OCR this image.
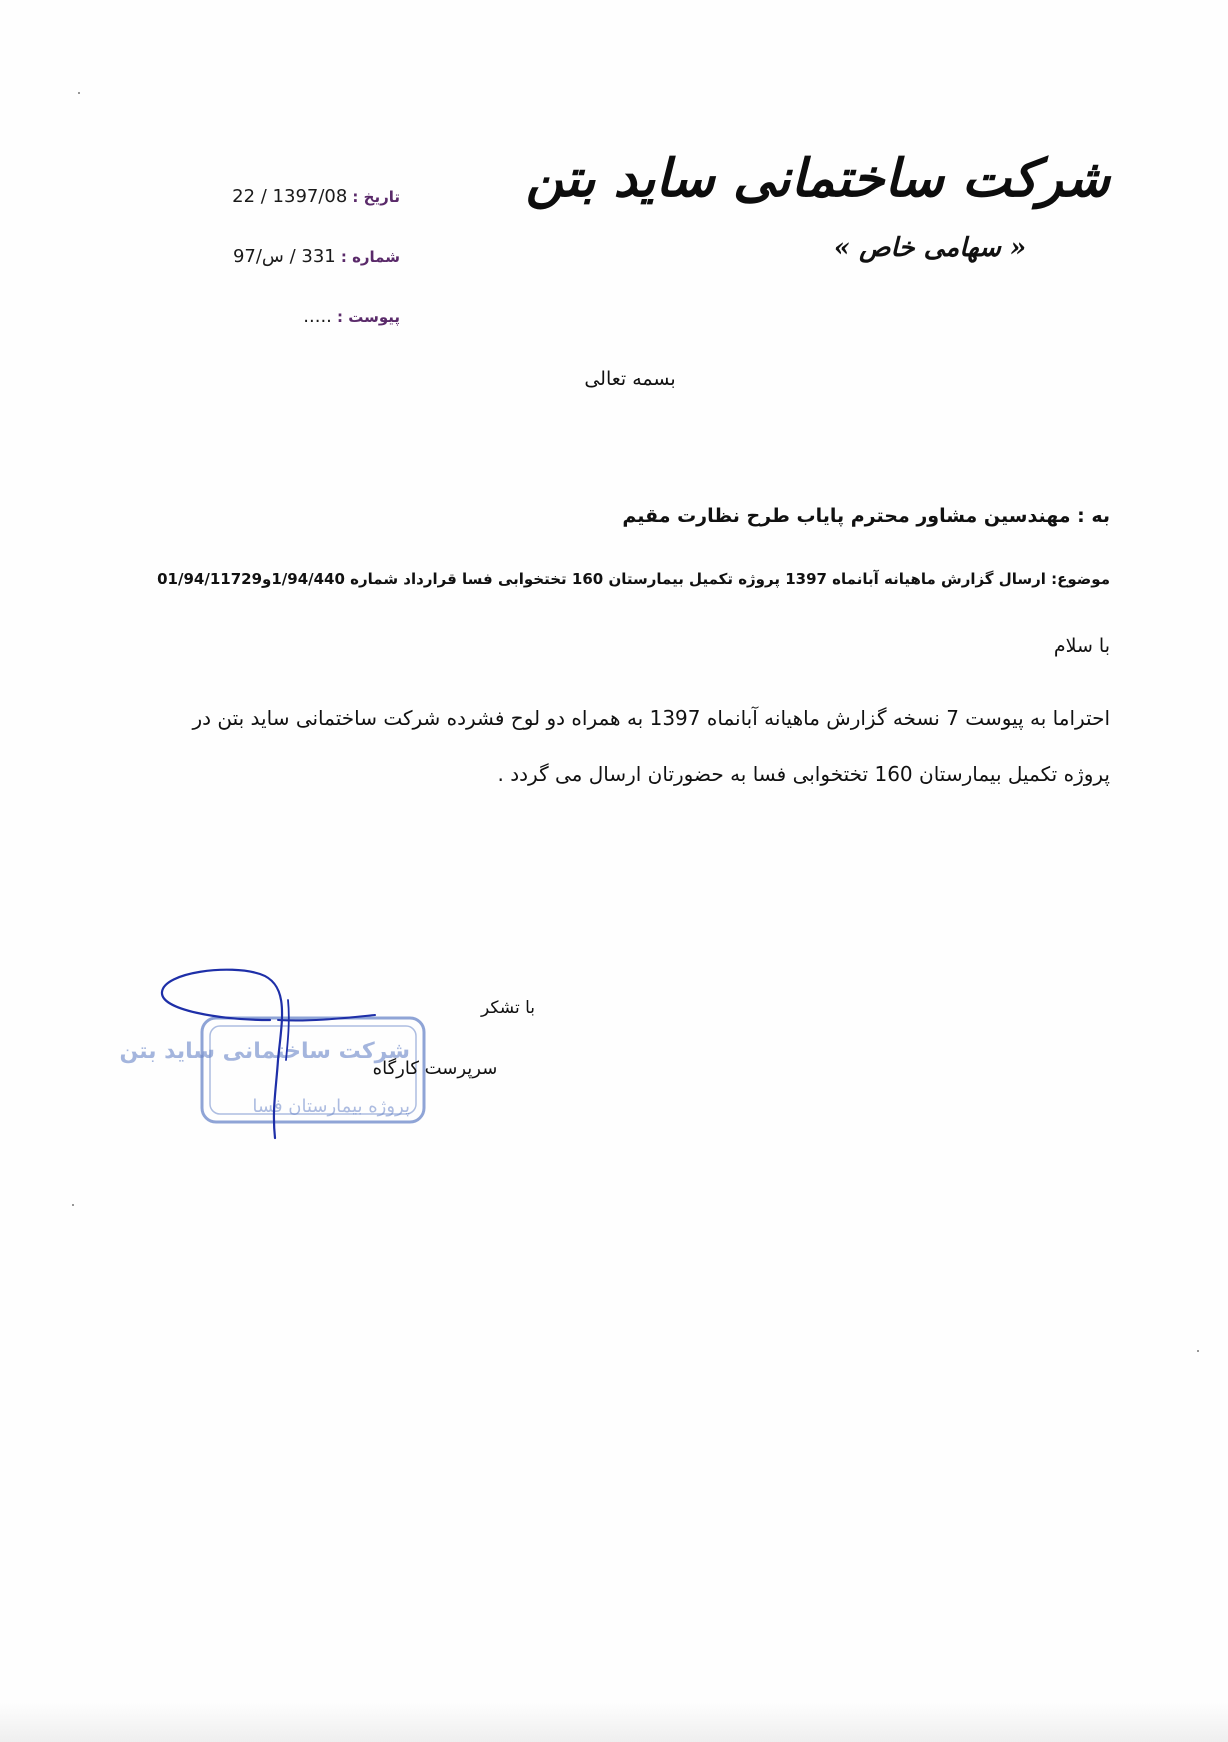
شرکت ساختمانی ساید بتن
« سهامی خاص »
تاریخ : 1397/08 / 22
شماره : 331 / س/97
پیوست : .....
بسمه تعالی
به : مهندسین مشاور محترم پایاب طرح نظارت مقیم
موضوع: ارسال گزارش ماهیانه آبانماه 1397 پروژه تکمیل بیمارستان 160 تختخوابی فسا قرارداد شماره 1/94/440و01/94/11729
با سلام
احتراما به پیوست 7 نسخه گزارش ماهیانه آبانماه 1397 به همراه دو لوح فشرده شرکت ساختمانی ساید بتن در
پروژه تکمیل بیمارستان 160 تختخوابی فسا به حضورتان ارسال می گردد .
شرکت ساختمانی ساید بتن
پروژه بیمارستان فسا
با تشکر
سرپرست کارگاه
